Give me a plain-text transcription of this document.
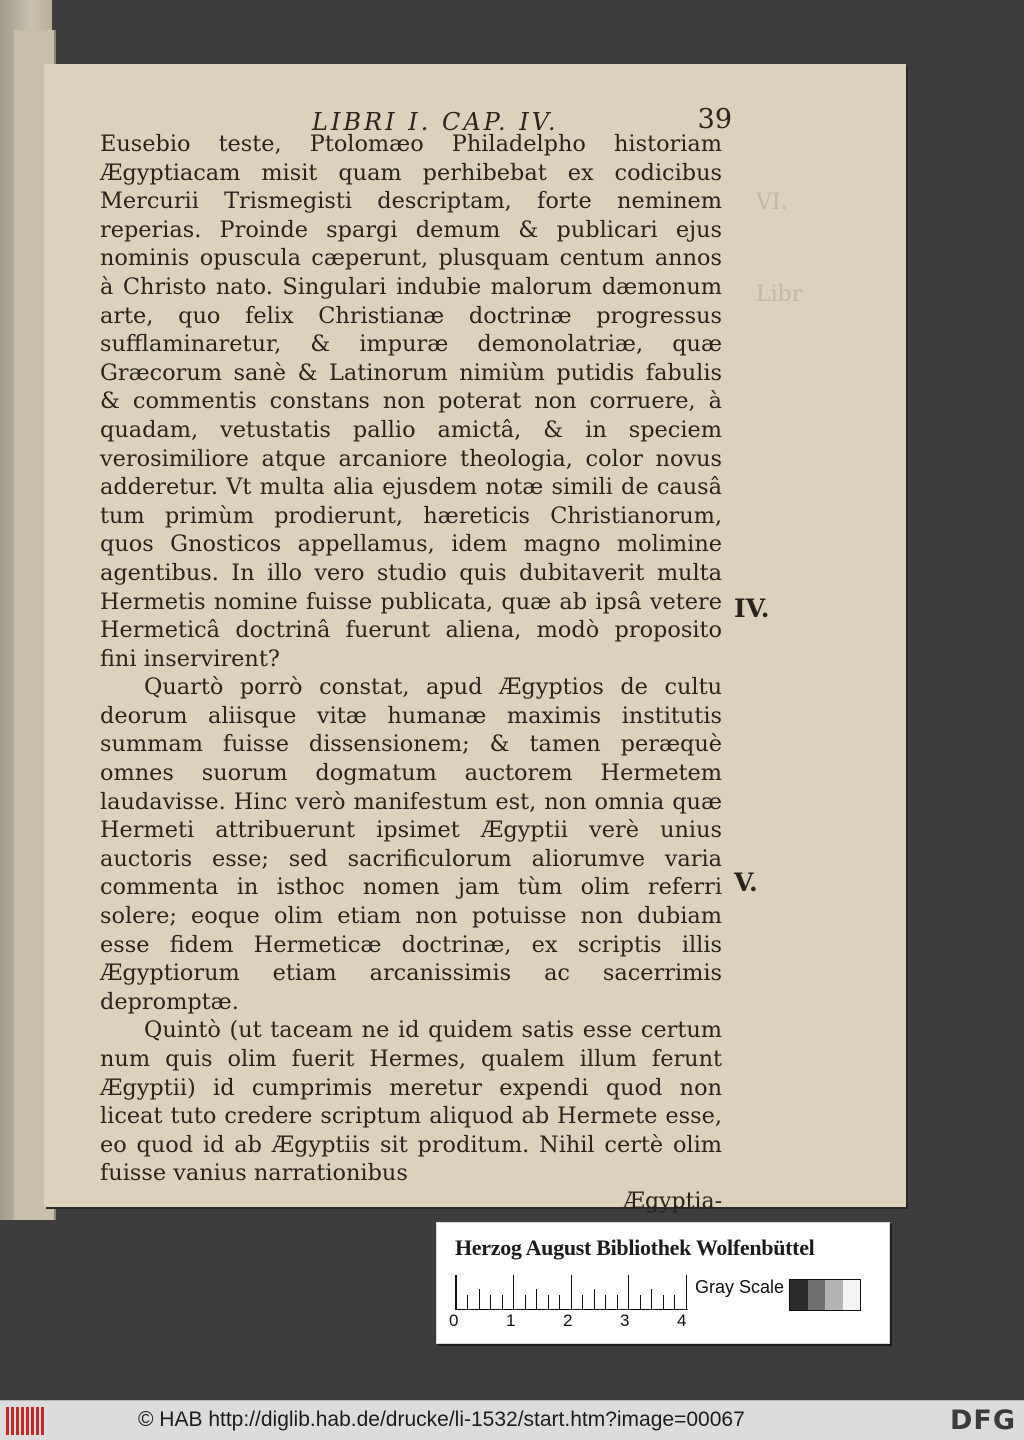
LIBRI I. CAP. IV.	39

Eusebio teste, Ptolomæo Philadelpho historiam Ægyptiacam misit quam perhibebat ex codicibus Mercurii Trismegisti descriptam, forte neminem reperias. Proinde spargi demum & publicari ejus nominis opuscula cæperunt, plusquam centum annos à Christo nato. Singulari indubie malorum dæmonum arte, quo felix Christianæ doctrinæ progressus sufflaminaretur, & impuræ demonolatriæ, quæ Græcorum sanè & Latinorum nimiùm putidis fabulis & commentis constans non poterat non corruere, à quadam, vetustatis pallio amictâ, & in speciem verosimiliore atque arcaniore theologia, color novus adderetur. Vt multa alia ejusdem notæ simili de causâ tum primùm prodierunt, hæreticis Christianorum, quos Gnosticos appellamus, idem magno molimine agentibus. In illo vero studio quis dubitaverit multa Hermetis nomine fuisse publicata, quæ ab ipsâ vetere Hermeticâ doctrinâ fuerunt aliena, modò proposito fini inservirent?

Quartò porrò constat, apud Ægyptios de cultu deorum aliisque vitæ humanæ maximis institutis summam fuisse dissensionem; & tamen peræquè omnes suorum dogmatum auctorem Hermetem laudavisse. Hinc verò manifestum est, non omnia quæ Hermeti attribuerunt ipsimet Ægyptii verè unius auctoris esse; sed sacrificulorum aliorumve varia commenta in isthoc nomen jam tùm olim referri solere; eoque olim etiam non potuisse non dubiam esse fidem Hermeticæ doctrinæ, ex scriptis illis Ægyptiorum etiam arcanissimis ac sacerrimis depromptæ.

Quintò (ut taceam ne id quidem satis esse certum num quis olim fuerit Hermes, qualem illum ferunt Ægyptii) id cumprimis meretur expendi quod non liceat tuto credere scriptum aliquod ab Hermete esse, eo quod id ab Ægyptiis sit proditum. Nihil certè olim fuisse vanius narrationibus

Ægyptia-

IV.
V.
VI.
Libr
Herzog August Bibliothek Wolfenbüttel
0	1	2	3	4
Gray Scale
© HAB http://diglib.hab.de/drucke/li-1532/start.htm?image=00067	DFG
